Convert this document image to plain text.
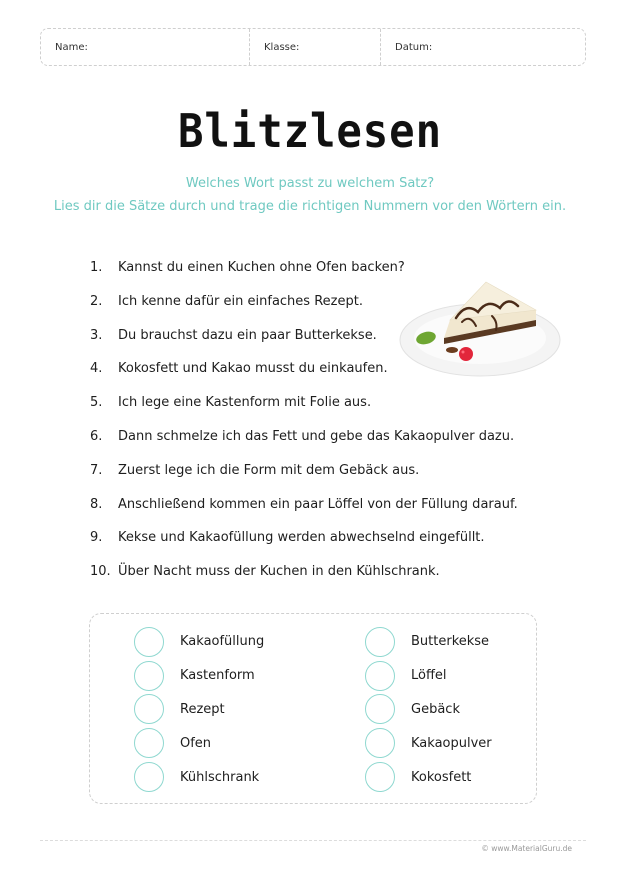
Name:	Klasse:	Datum:
Blitzlesen
Welches Wort passt zu welchem Satz?
Lies dir die Sätze durch und trage die richtigen Nummern vor den Wörtern ein.
1.	Kannst du einen Kuchen ohne Ofen backen?
2.	Ich kenne dafür ein einfaches Rezept.
3.	Du brauchst dazu ein paar Butterkekse.
4.	Kokosfett und Kakao musst du einkaufen.
5.	Ich lege eine Kastenform mit Folie aus.
6.	Dann schmelze ich das Fett und gebe das Kakaopulver dazu.
7.	Zuerst lege ich die Form mit dem Gebäck aus.
8.	Anschließend kommen ein paar Löffel von der Füllung darauf.
9.	Kekse und Kakaofüllung werden abwechselnd eingefüllt.
10. Über Nacht muss der Kuchen in den Kühlschrank.
Kakaofüllung
Kastenform
Rezept
Ofen
Kühlschrank
Butterkekse
Löffel
Gebäck
Kakaopulver
Kokosfett
© www.MaterialGuru.de
